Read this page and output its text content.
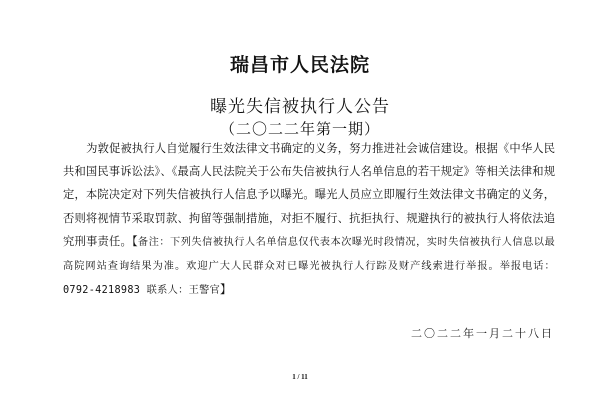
瑞昌市人民法院
曝光失信被执行人公告
（二〇二二年第一期）
为敦促被执行人自觉履行生效法律文书确定的义务，努力推进社会诚信建设。根据《中华人民共和国民事诉讼法》、《最高人民法院关于公布失信被执行人名单信息的若干规定》等相关法律和规定，本院决定对下列失信被执行人信息予以曝光。曝光人员应立即履行生效法律文书确定的义务，否则将视情节采取罚款、拘留等强制措施，对拒不履行、抗拒执行、规避执行的被执行人将依法追究刑事责任。【备注：下列失信被执行人名单信息仅代表本次曝光时段情况，实时失信被执行人信息以最高院网站查询结果为准。欢迎广大人民群众对已曝光被执行人行踪及财产线索进行举报。举报电话：0792-4218983 联系人：王警官】
二〇二二年一月二十八日
1 / 11
